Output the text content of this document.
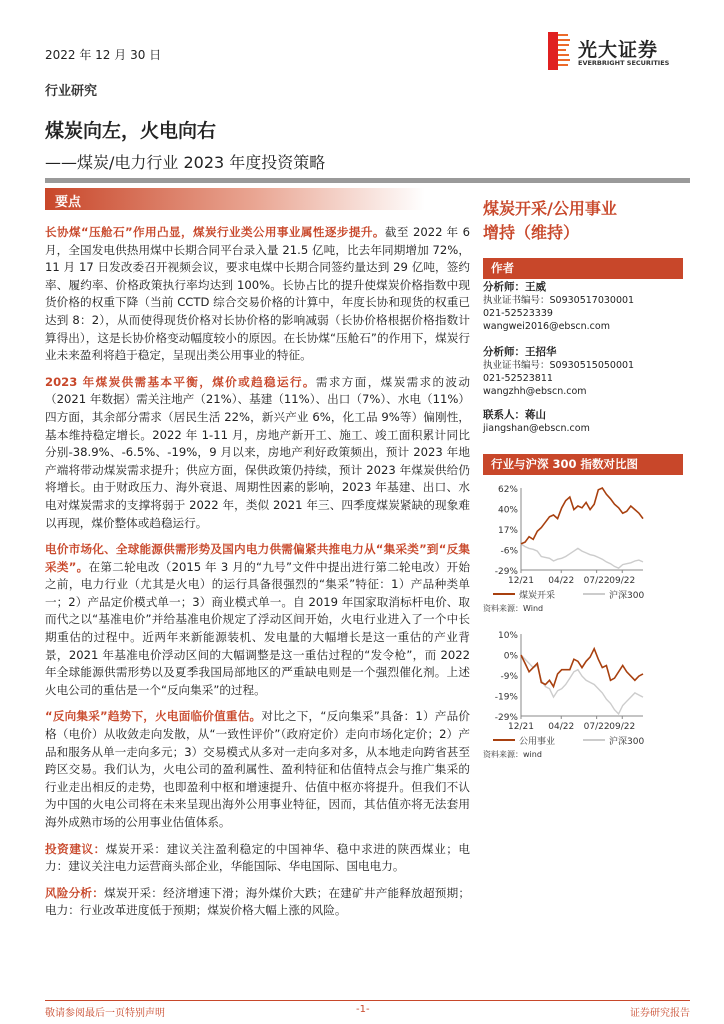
2022 年 12 月 30 日	光大证券
EVERBRIGHT SECURITIES
行业研究
煤炭向左，火电向右
——煤炭/电力行业 2023 年度投资策略
要点

长协煤“压舱石”作用凸显，煤炭行业类公用事业属性逐步提升。截至 2022 年 6月，全国发电供热用煤中长期合同平台录入量 21.5 亿吨，比去年同期增加 72%，11 月 17 日发改委召开视频会议，要求电煤中长期合同签约量达到 29 亿吨，签约率、履约率、价格政策执行率均达到 100%。长协占比的提升使煤炭价格指数中现货价格的权重下降（当前 CCTD 综合交易价格的计算中，年度长协和现货的权重已达到 8：2），从而使得现货价格对长协价格的影响减弱（长协价格根据价格指数计算得出），这是长协价格变动幅度较小的原因。在长协煤“压舱石”的作用下，煤炭行业未来盈利将趋于稳定，呈现出类公用事业的特征。

2023 年煤炭供需基本平衡，煤价或趋稳运行。需求方面，煤炭需求的波动（2021 年数据）需关注地产（21%）、基建（11%）、出口（7%）、水电（11%）四方面，其余部分需求（居民生活 22%，新兴产业 6%，化工品 9%等）偏刚性，基本维持稳定增长。2022 年 1-11 月，房地产新开工、施工、竣工面积累计同比分别-38.9%、-6.5%、-19%，9 月以来，房地产利好政策频出，预计 2023 年地产端将带动煤炭需求提升；供应方面，保供政策仍持续，预计 2023 年煤炭供给仍将增长。由于财政压力、海外衰退、周期性因素的影响，2023 年基建、出口、水电对煤炭需求的支撑将弱于 2022 年，类似 2021 年三、四季度煤炭紧缺的现象难以再现，煤价整体或趋稳运行。

电价市场化、全球能源供需形势及国内电力供需偏紧共推电力从“集采类”到“反集采类”。在第二轮电改（2015 年 3 月的“九号”文件中提出进行第二轮电改）开始之前，电力行业（尤其是火电）的运行具备很强烈的“集采”特征：1）产品种类单一；2）产品定价模式单一；3）商业模式单一。自 2019 年国家取消标杆电价、取而代之以“基准电价”并给基准电价规定了浮动区间开始，火电行业进入了一个中长期重估的过程中。近两年来新能源装机、发电量的大幅增长是这一重估的产业背景，2021 年基准电价浮动区间的大幅调整是这一重估过程的“发令枪”，而 2022 年全球能源供需形势以及夏季我国局部地区的严重缺电则是一个强烈催化剂。上述火电公司的重估是一个“反向集采”的过程。

“反向集采”趋势下，火电面临价值重估。对比之下，“反向集采”具备：1）产品价格（电价）从收敛走向发散，从“一致性评价”（政府定价）走向市场化定价；2）产品和服务从单一走向多元；3）交易模式从多对一走向多对多，从本地走向跨省甚至跨区交易。我们认为，火电公司的盈利属性、盈利特征和估值特点会与推广集采的行业走出相反的走势，也即盈利中枢和增速提升、估值中枢亦将提升。但我们不认为中国的火电公司将在未来呈现出海外公用事业特征，因而，其估值亦将无法套用海外成熟市场的公用事业估值体系。

投资建议：煤炭开采：建议关注盈利稳定的中国神华、稳中求进的陕西煤业；电力：建议关注电力运营商头部企业，华能国际、华电国际、国电电力。

风险分析：煤炭开采：经济增速下滑；海外煤价大跌；在建矿井产能释放超预期；电力：行业改革进度低于预期；煤炭价格大幅上涨的风险。

煤炭开采/公用事业
增持（维持）
作者
分析师：王威
执业证书编号：S0930517030001
021-52523339
wangwei2016@ebscn.com
分析师：王招华
执业证书编号：S0930515050001
021-52523811
wangzhh@ebscn.com
联系人：蒋山
jiangshan@ebscn.com
行业与沪深 300 指数对比图
62%
40%
17%
-6%
-29%
12/21 04/22 07/22 09/22
煤炭开采	沪深300
资料来源：Wind
10%
0%
-9%
-19%
-29%
12/21 04/22 07/22 09/22
公用事业	沪深300
资料来源：wind
敬请参阅最后一页特别声明	-1-	证券研究报告
